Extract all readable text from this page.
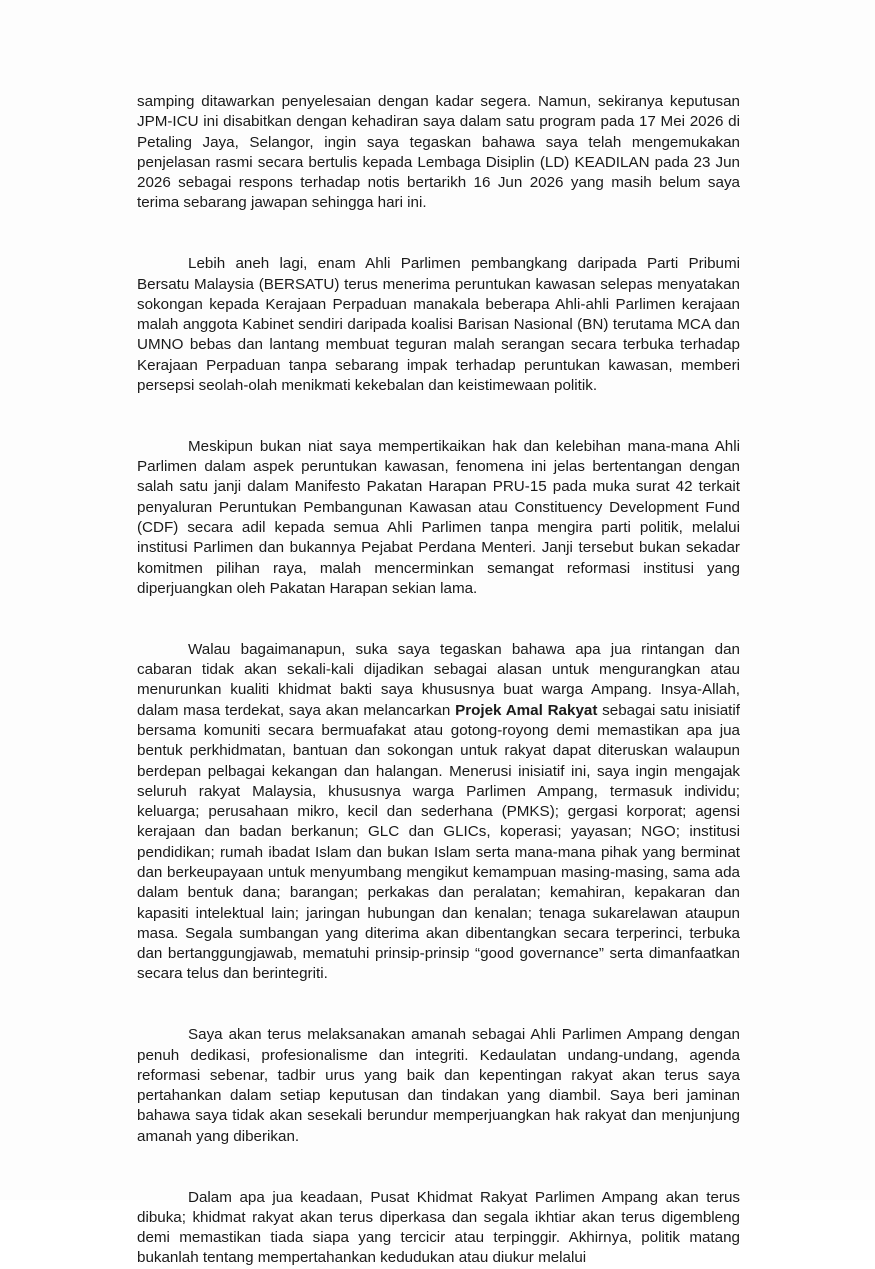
samping ditawarkan penyelesaian dengan kadar segera. Namun, sekiranya keputusan JPM-ICU ini disabitkan dengan kehadiran saya dalam satu program pada 17 Mei 2026 di Petaling Jaya, Selangor, ingin saya tegaskan bahawa saya telah mengemukakan penjelasan rasmi secara bertulis kepada Lembaga Disiplin (LD) KEADILAN pada 23 Jun 2026 sebagai respons terhadap notis bertarikh 16 Jun 2026 yang masih belum saya terima sebarang jawapan sehingga hari ini.

Lebih aneh lagi, enam Ahli Parlimen pembangkang daripada Parti Pribumi Bersatu Malaysia (BERSATU) terus menerima peruntukan kawasan selepas menyatakan sokongan kepada Kerajaan Perpaduan manakala beberapa Ahli-ahli Parlimen kerajaan malah anggota Kabinet sendiri daripada koalisi Barisan Nasional (BN) terutama MCA dan UMNO bebas dan lantang membuat teguran malah serangan secara terbuka terhadap Kerajaan Perpaduan tanpa sebarang impak terhadap peruntukan kawasan, memberi persepsi seolah-olah menikmati kekebalan dan keistimewaan politik.

Meskipun bukan niat saya mempertikaikan hak dan kelebihan mana-mana Ahli Parlimen dalam aspek peruntukan kawasan, fenomena ini jelas bertentangan dengan salah satu janji dalam Manifesto Pakatan Harapan PRU-15 pada muka surat 42 terkait penyaluran Peruntukan Pembangunan Kawasan atau Constituency Development Fund (CDF) secara adil kepada semua Ahli Parlimen tanpa mengira parti politik, melalui institusi Parlimen dan bukannya Pejabat Perdana Menteri. Janji tersebut bukan sekadar komitmen pilihan raya, malah mencerminkan semangat reformasi institusi yang diperjuangkan oleh Pakatan Harapan sekian lama.

Walau bagaimanapun, suka saya tegaskan bahawa apa jua rintangan dan cabaran tidak akan sekali-kali dijadikan sebagai alasan untuk mengurangkan atau menurunkan kualiti khidmat bakti saya khususnya buat warga Ampang. Insya-Allah, dalam masa terdekat, saya akan melancarkan Projek Amal Rakyat sebagai satu inisiatif bersama komuniti secara bermuafakat atau gotong-royong demi memastikan apa jua bentuk perkhidmatan, bantuan dan sokongan untuk rakyat dapat diteruskan walaupun berdepan pelbagai kekangan dan halangan. Menerusi inisiatif ini, saya ingin mengajak seluruh rakyat Malaysia, khususnya warga Parlimen Ampang, termasuk individu; keluarga; perusahaan mikro, kecil dan sederhana (PMKS); gergasi korporat; agensi kerajaan dan badan berkanun; GLC dan GLICs, koperasi; yayasan; NGO; institusi pendidikan; rumah ibadat Islam dan bukan Islam serta mana-mana pihak yang berminat dan berkeupayaan untuk menyumbang mengikut kemampuan masing-masing, sama ada dalam bentuk dana; barangan; perkakas dan peralatan; kemahiran, kepakaran dan kapasiti intelektual lain; jaringan hubungan dan kenalan; tenaga sukarelawan ataupun masa. Segala sumbangan yang diterima akan dibentangkan secara terperinci, terbuka dan bertanggungjawab, mematuhi prinsip-prinsip “good governance” serta dimanfaatkan secara telus dan berintegriti.

Saya akan terus melaksanakan amanah sebagai Ahli Parlimen Ampang dengan penuh dedikasi, profesionalisme dan integriti. Kedaulatan undang-undang, agenda reformasi sebenar, tadbir urus yang baik dan kepentingan rakyat akan terus saya pertahankan dalam setiap keputusan dan tindakan yang diambil. Saya beri jaminan bahawa saya tidak akan sesekali berundur memperjuangkan hak rakyat dan menjunjung amanah yang diberikan.

Dalam apa jua keadaan, Pusat Khidmat Rakyat Parlimen Ampang akan terus dibuka; khidmat rakyat akan terus diperkasa dan segala ikhtiar akan terus digembleng demi memastikan tiada siapa yang tercicir atau terpinggir. Akhirnya, politik matang bukanlah tentang mempertahankan kedudukan atau diukur melalui
